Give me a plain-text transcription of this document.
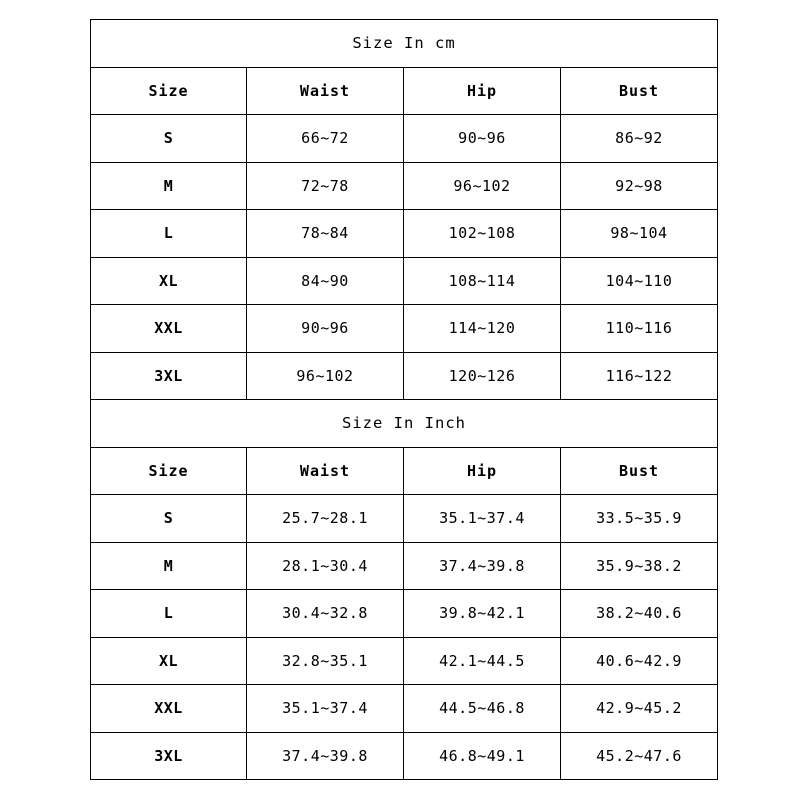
Size In cm			
Size	Waist	Hip	Bust
S	66~72	90~96	86~92
M	72~78	96~102	92~98
L	78~84	102~108	98~104
XL	84~90	108~114	104~110
XXL	90~96	114~120	110~116
3XL	96~102	120~126	116~122
Size In Inch			
Size	Waist	Hip	Bust
S	25.7~28.1	35.1~37.4	33.5~35.9
M	28.1~30.4	37.4~39.8	35.9~38.2
L	30.4~32.8	39.8~42.1	38.2~40.6
XL	32.8~35.1	42.1~44.5	40.6~42.9
XXL	35.1~37.4	44.5~46.8	42.9~45.2
3XL	37.4~39.8	46.8~49.1	45.2~47.6
